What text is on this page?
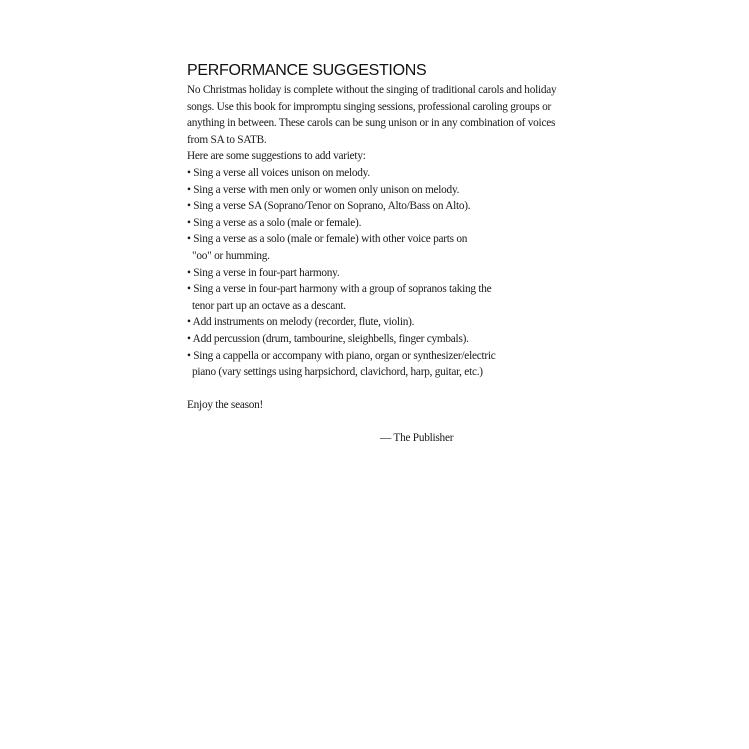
PERFORMANCE SUGGESTIONS
No Christmas holiday is complete without the singing of traditional carols and holiday
songs. Use this book for impromptu singing sessions, professional caroling groups or
anything in between. These carols can be sung unison or in any combination of voices
from SA to SATB.
Here are some suggestions to add variety:
• Sing a verse all voices unison on melody.
• Sing a verse with men only or women only unison on melody.
• Sing a verse SA (Soprano/Tenor on Soprano, Alto/Bass on Alto).
• Sing a verse as a solo (male or female).
• Sing a verse as a solo (male or female) with other voice parts on
"oo" or humming.
• Sing a verse in four-part harmony.
• Sing a verse in four-part harmony with a group of sopranos taking the
tenor part up an octave as a descant.
• Add instruments on melody (recorder, flute, violin).
• Add percussion (drum, tambourine, sleighbells, finger cymbals).
• Sing a cappella or accompany with piano, organ or synthesizer/electric
piano (vary settings using harpsichord, clavichord, harp, guitar, etc.)
Enjoy the season!
— The Publisher
